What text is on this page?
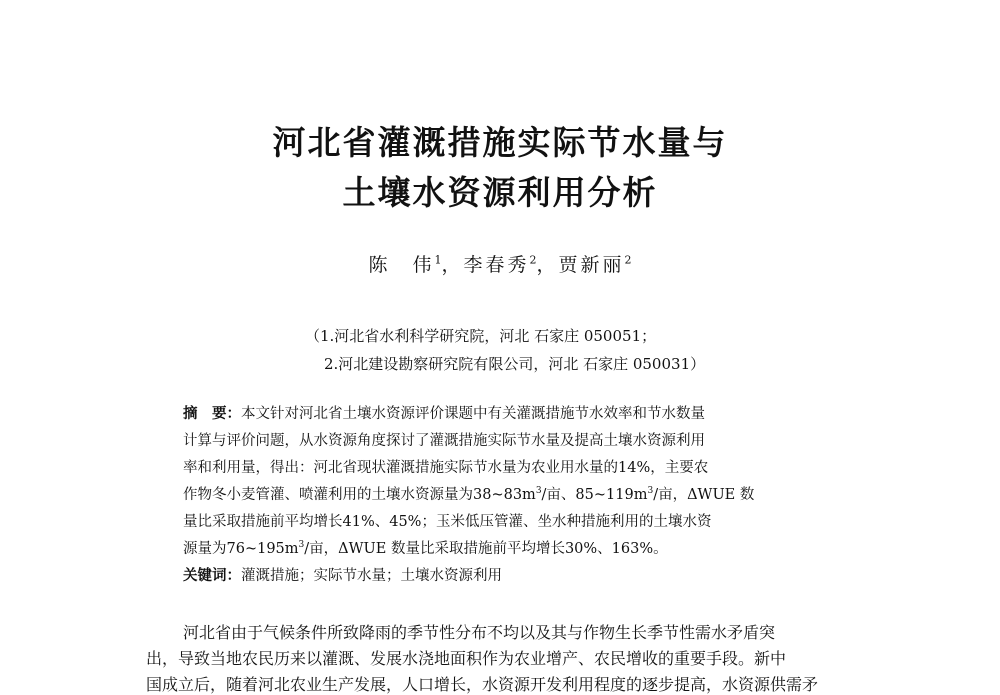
河北省灌溉措施实际节水量与
土壤水资源利用分析
陈　伟$^1$，李春秀$^2$，贾新丽$^2$
（1.河北省水利科学研究院，河北 石家庄 050051；
2.河北建设勘察研究院有限公司，河北 石家庄 050031）
摘　要：本文针对河北省土壤水资源评价课题中有关灌溉措施节水效率和节水数量
计算与评价问题，从水资源角度探讨了灌溉措施实际节水量及提高土壤水资源利用
率和利用量，得出：河北省现状灌溉措施实际节水量为农业用水量的14%，主要农
作物冬小麦管灌、喷灌利用的土壤水资源量为$38\sim 83m^3/$亩、$85\sim 119m^3/$亩，ΔWUE 数
量比采取措施前平均增长41%、45%；玉米低压管灌、坐水种措施利用的土壤水资
源量为$76\sim 195m^3/$亩，ΔWUE 数量比采取措施前平均增长30%、163%。
关键词：灌溉措施；实际节水量；土壤水资源利用
河北省由于气候条件所致降雨的季节性分布不均以及其与作物生长季节性需水矛盾突
出，导致当地农民历来以灌溉、发展水浇地面积作为农业增产、农民增收的重要手段。新中
国成立后，随着河北农业生产发展，人口增长，水资源开发利用程度的逐步提高，水资源供需矛
